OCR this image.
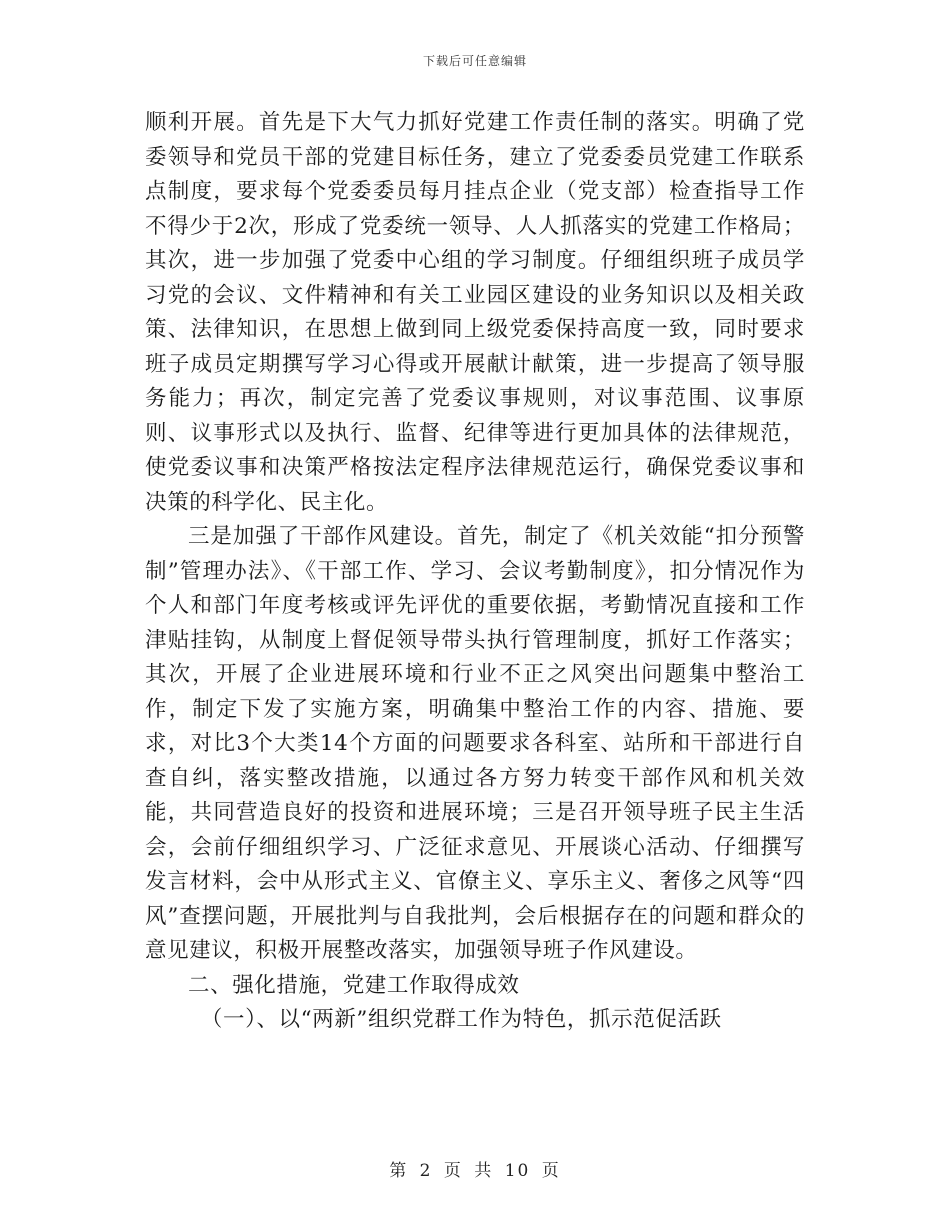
下载后可任意编辑

顺利开展。首先是下大气力抓好党建工作责任制的落实。明确了党委领导和党员干部的党建目标任务，建立了党委委员党建工作联系点制度，要求每个党委委员每月挂点企业（党支部）检查指导工作不得少于2次，形成了党委统一领导、人人抓落实的党建工作格局；其次，进一步加强了党委中心组的学习制度。仔细组织班子成员学习党的会议、文件精神和有关工业园区建设的业务知识以及相关政策、法律知识，在思想上做到同上级党委保持高度一致，同时要求班子成员定期撰写学习心得或开展献计献策，进一步提高了领导服务能力；再次，制定完善了党委议事规则，对议事范围、议事原则、议事形式以及执行、监督、纪律等进行更加具体的法律规范，使党委议事和决策严格按法定程序法律规范运行，确保党委议事和决策的科学化、民主化。

三是加强了干部作风建设。首先，制定了《机关效能“扣分预警制”管理办法》、《干部工作、学习、会议考勤制度》，扣分情况作为个人和部门年度考核或评先评优的重要依据，考勤情况直接和工作津贴挂钩，从制度上督促领导带头执行管理制度，抓好工作落实；其次，开展了企业进展环境和行业不正之风突出问题集中整治工作，制定下发了实施方案，明确集中整治工作的内容、措施、要求，对比3个大类14个方面的问题要求各科室、站所和干部进行自查自纠，落实整改措施，以通过各方努力转变干部作风和机关效能，共同营造良好的投资和进展环境；三是召开领导班子民主生活会，会前仔细组织学习、广泛征求意见、开展谈心活动、仔细撰写发言材料，会中从形式主义、官僚主义、享乐主义、奢侈之风等“四风”查摆问题，开展批判与自我批判，会后根据存在的问题和群众的意见建议，积极开展整改落实，加强领导班子作风建设。

二、强化措施，党建工作取得成效

（一）、以“两新”组织党群工作为特色，抓示范促活跃

第 2 页 共 10 页
